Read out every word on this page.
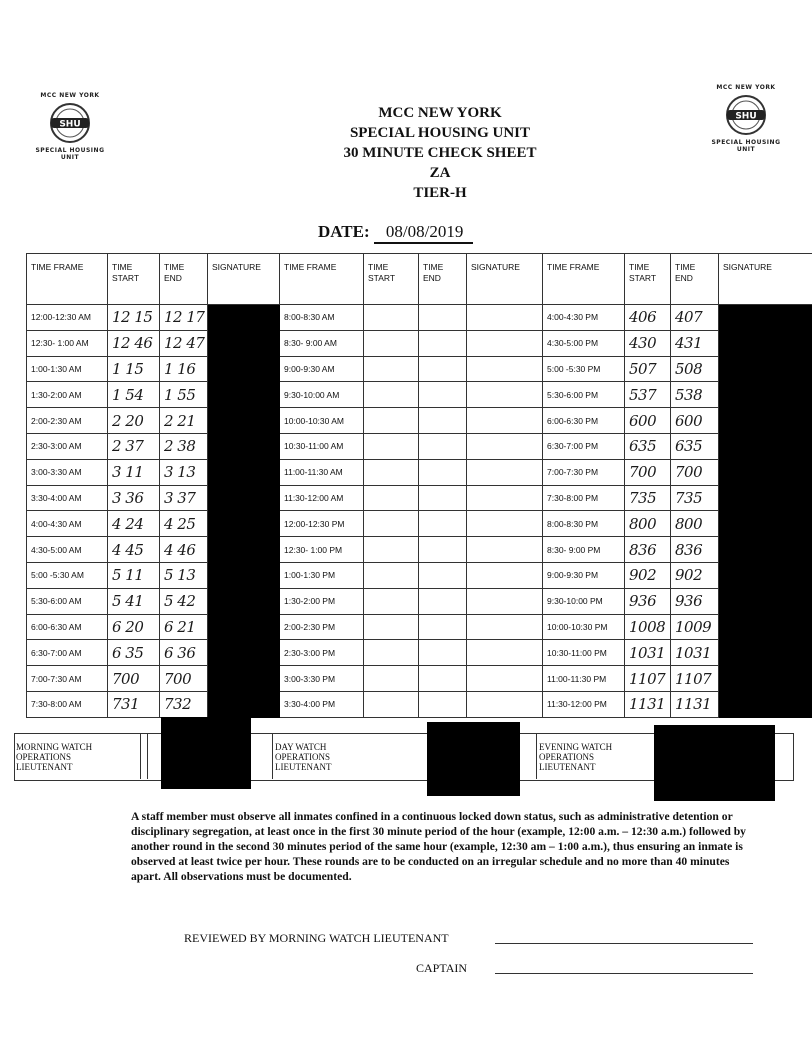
MCC NEW YORK
SHU
SPECIAL HOUSING UNIT
MCC NEW YORK
SHU
SPECIAL HOUSING UNIT
MCC NEW YORK
SPECIAL HOUSING UNIT
30 MINUTE CHECK SHEET
ZA
TIER-H
DATE: 08/08/2019
TIME FRAME	TIME START	TIME END	SIGNATURE	TIME FRAME	TIME START	TIME END	SIGNATURE	TIME FRAME	TIME START	TIME END	SIGNATURE
12:00-12:30 AM	12 15	12 17		8:00-8:30 AM				4:00-4:30 PM	406	407	
12:30- 1:00 AM	12 46	12 47		8:30- 9:00 AM				4:30-5:00 PM	430	431	
1:00-1:30 AM	1 15	1 16		9:00-9:30 AM				5:00 -5:30 PM	507	508	
1:30-2:00 AM	1 54	1 55		9:30-10:00 AM				5:30-6:00 PM	537	538	
2:00-2:30 AM	2 20	2 21		10:00-10:30 AM				6:00-6:30 PM	600	600	
2:30-3:00 AM	2 37	2 38		10:30-11:00 AM				6:30-7:00 PM	635	635	
3:00-3:30 AM	3 11	3 13		11:00-11:30 AM				7:00-7:30 PM	700	700	
3:30-4:00 AM	3 36	3 37		11:30-12:00 AM				7:30-8:00 PM	735	735	
4:00-4:30 AM	4 24	4 25		12:00-12:30 PM				8:00-8:30 PM	800	800	
4:30-5:00 AM	4 45	4 46		12:30- 1:00 PM				8:30- 9:00 PM	836	836	
5:00 -5:30 AM	5 11	5 13		1:00-1:30 PM				9:00-9:30 PM	902	902	
5:30-6:00 AM	5 41	5 42		1:30-2:00 PM				9:30-10:00 PM	936	936	
6:00-6:30 AM	6 20	6 21		2:00-2:30 PM				10:00-10:30 PM	1008	1009	
6:30-7:00 AM	6 35	6 36		2:30-3:00 PM				10:30-11:00 PM	1031	1031	
7:00-7:30 AM	700	700		3:00-3:30 PM				11:00-11:30 PM	1107	1107	
7:30-8:00 AM	731	732		3:30-4:00 PM				11:30-12:00 PM	1131	1131	
MORNING WATCH OPERATIONS LIEUTENANT
DAY WATCH OPERATIONS LIEUTENANT
EVENING WATCH OPERATIONS LIEUTENANT
A staff member must observe all inmates confined in a continuous locked down status, such as administrative detention or disciplinary segregation, at least once in the first 30 minute period of the hour (example, 12:00 a.m. – 12:30 a.m.) followed by another round in the second 30 minutes period of the same hour (example, 12:30 am – 1:00 a.m.), thus ensuring an inmate is observed at least twice per hour. These rounds are to be conducted on an irregular schedule and no more than 40 minutes apart. All observations must be documented.
REVIEWED BY MORNING WATCH LIEUTENANT
CAPTAIN
